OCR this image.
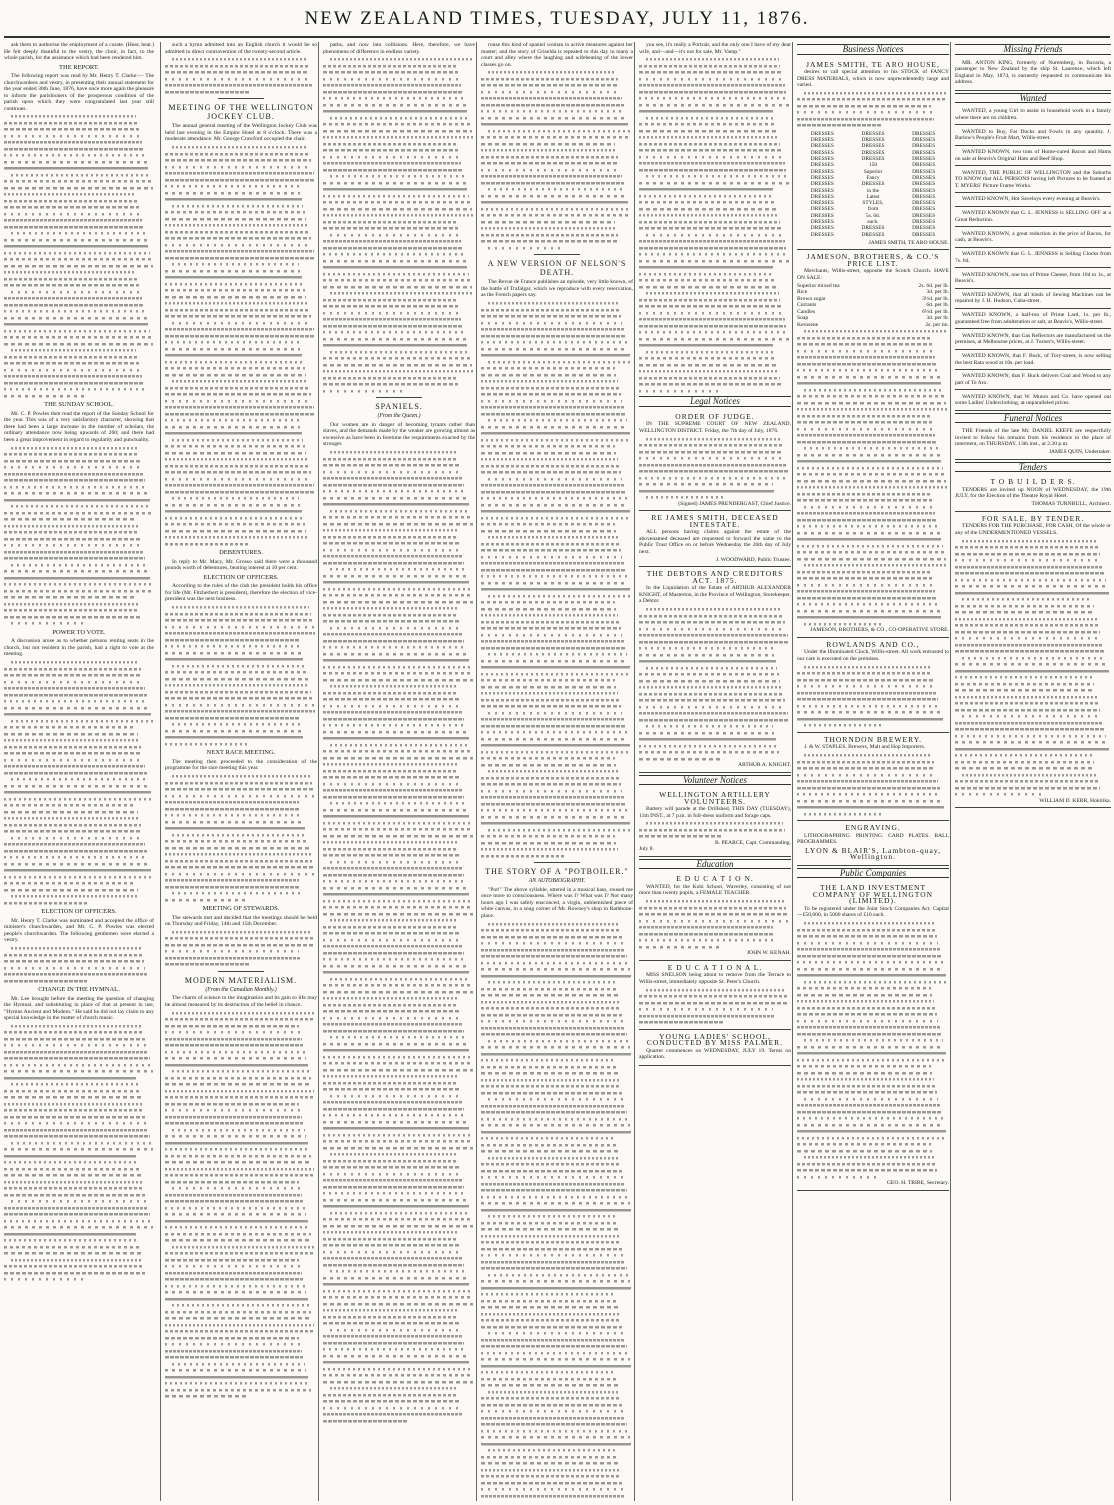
NEW ZEALAND TIMES, TUESDAY, JULY 11, 1876.

ask them to authorise the employment of a curate. (Hear, hear.) He felt deeply thankful to the vestry, the choir, in fact, to the whole parish, for the assistance which had been rendered him.

THE REPORT.

The following report was read by Mr. Henry T. Clarke:— The churchwardens and vestry, in presenting their annual statement for the year ended 30th June, 1876, have once more again the pleasure to inform the parishioners of the prosperous condition of the parish upon which they were congratulated last year still continues.

THE SUNDAY SCHOOL.

Mr. C. P. Powles then read the report of the Sunday School for the year. This was of a very satisfactory character, showing that there had been a large increase in the number of scholars, the ordinary attendance now being upwards of 260; and there had been a great improvement in regard to regularity and punctuality.

POWER TO VOTE.

A discussion arose as to whether persons renting seats in the church, but not resident in the parish, had a right to vote at the meeting.

ELECTION OF OFFICERS.

Mr. Henry T. Clarke was nominated and accepted the office of minister's churchwarden, and Mr. C. P. Powles was elected people's churchwarden. The following gentlemen were elected a vestry.

CHANGE IN THE HYMNAL.

Mr. Lee brought before the meeting the question of changing the Hymnal, and substituting in place of that at present in use, "Hymns Ancient and Modern." He said he did not lay claim to any special knowledge in the matter of church music.

such a hymn admitted into an English church it would be so admitted in direct contravention of the twenty-second article.

MEETING OF THE WELLINGTON JOCKEY CLUB.

The annual general meeting of the Wellington Jockey Club was held last evening in the Empire Hotel at 8 o'clock. There was a moderate attendance. Mr. George Crawford occupied the chair.

DEBENTURES.

In reply to Mr. Macy, Mr. Grosso said there were a thousand pounds worth of debentures, bearing interest at 10 per cent.

ELECTION OF OFFICERS.

According to the rules of the club the president holds his office for life (Mr. Fitzherbert is president), therefore the election of vice-president was the next business.

NEXT RACE MEETING.

The meeting then proceeded to the consideration of the programme for the race meeting this year.

MEETING OF STEWARDS.

The stewards met and decided that the meetings should be held on Thursday and Friday, 14th and 15th December.

MODERN MATERIALISM.
(From the Canadian Monthly.)

The charm of science to the imagination and its gain to life may be almost measured by its destruction of the belief in chance.

paths, and now into collisions. Here, therefore, we have phenomena of difference in endless variety.

SPANIELS.
(From the Queen.)

Our women are in danger of becoming tyrants rather than slaves, and the demands made by the weaker are growing almost as excessive as have been in foretime the requirements exacted by the stronger.

rouse this kind of spaniel woman to active measures against her master; and the story of Griselda is repeated to this day in many a court and alley where the laughing and wifebeating of the lower classes go on.

A NEW VERSION OF NELSON'S DEATH.

The Revue de France publishes an episode, very little known, of the battle of Trafalgar, which we reproduce with every reservation, as the French papers say.

THE STORY OF A "POTBOILER."
AN AUTOBIOGRAPHY.

"Pot!" The above syllable, uttered in a musical bass, roused me once more to consciousness. Where was I? What was I? Not many hours ago I was safely ensconced, a virgin, unblemished piece of white canvas, in a snug corner of Mr. Rowney's shop in Rathbone-place.

you see, it's really a Portrait, and the only one I have of my dear wife, and—and—it's not for sale, Mr. Vamp."

Legal Notices
ORDER OF JUDGE.

IN THE SUPREME COURT OF NEW ZEALAND, WELLINGTON DISTRICT. Friday, the 7th day of July, 1876.

(Signed) JAMES PRENDERGAST, Chief Justice.
RE JAMES SMITH, DECEASED INTESTATE.

ALL persons having claims against the estate of the abovenamed deceased are requested to forward the same to the Public Trust Office on or before Wednesday the 26th day of July next.

J. WOODWARD, Public Trustee.
THE DEBTORS AND CREDITORS ACT. 1875.

In the Liquidation of the Estate of ARTHUR ALEXANDER KNIGHT, of Masterton, in the Province of Wellington, Storekeeper, a Debtor.

ARTHUR A. KNIGHT.
Volunteer Notices
WELLINGTON ARTILLERY VOLUNTEERS.

Battery will parade at the Drillshed, THIS DAY (TUESDAY), 11th INST., at 7 p.m. in full-dress uniform and forage caps.

B. PEARCE, Capt. Commanding.
July 8.
Education
E D U C A T I O N.

WANTED, for the Kohi School, Waverley, consisting of not more than twenty pupils, a FEMALE TEACHER.

JOHN W. KENAH.
E D U C A T I O N A L.

MISS SNELSON being about to remove from the Terrace to Willis-street, immediately opposite St. Peter's Church.

YOUNG LADIES' SCHOOL, CONDUCTED BY MISS PALMER.

Quarter commences on WEDNESDAY, JULY 19. Terms on application.

Business Notices
JAMES SMITH, TE ARO HOUSE,

desires to call special attention to his STOCK of FANCY DRESS MATERIALS, which is now unprecedentedly large and varied.

DRESSES	DRESSES	DRESSES
DRESSES	DRESSES	DRESSES
DRESSES	DRESSES	DRESSES
DRESSES	DRESSES	DRESSES
DRESSES	DRESSES	DRESSES
DRESSES	150	DRESSES
DRESSES	Superior	DRESSES
DRESSES	Fancy	DRESSES
DRESSES	DRESSES	DRESSES
DRESSES	in the	DRESSES
DRESSES	Latest	DRESSES
DRESSES	STYLES,	DRESSES
DRESSES	from	DRESSES
DRESSES	5s. 6d.	DRESSES
DRESSES	each.	DRESSES
DRESSES	DRESSES	DRESSES
DRESSES	DRESSES	DRESSES
JAMES SMITH, TE ARO HOUSE.
JAMESON, BROTHERS, & CO.'S PRICE LIST.

Merchants, Willis-street, opposite the Scotch Church. HAVE ON SALE:

Superior mixed tea	2s. 6d. per lb.
Rice	3d. per lb.
Brown sugar	3½d. per lb.
Currants	6d. per lb.
Candles	6½d. per lb.
Soap	3d. per lb.
Kerosene	2s. per tin.
JAMESON, BROTHERS, & CO., CO-OPERATIVE STORE.
ROWLANDS AND CO.,

Under the Illuminated Clock, Willis-street. All work entrusted to our care is executed on the premises.

THORNDON BREWERY.

J. & W. STAPLES, Brewers, Malt and Hop Importers.

ENGRAVING.

LITHOGRAPHING. PRINTING. CARD PLATES. BALL PROGRAMMES.

LYON & BLAIR'S, Lambton-quay, Wellington.
Public Companies
THE LAND INVESTMENT COMPANY OF WELLINGTON (LIMITED).

To be registered under the Joint Stock Companies Act. Capital—£50,000, in 5000 shares of £10 each.

GEO. H. TRIBE, Secretary.
Missing Friends

MR. ANTON KING, formerly of Nuremberg, in Bavaria, a passenger to New Zealand by the ship St. Laurence, which left England in May, 1874, is earnestly requested to communicate his address.

Wanted

WANTED, a young Girl to assist in household work in a family where there are no children.

WANTED to Buy, Fat Ducks and Fowls in any quantity. J. Barlow's People's Fruit Mart, Willis-street.

WANTED KNOWN, two tons of Home-cured Bacon and Hams on sale at Beavis's Original Ham and Beef Shop.

WANTED, THE PUBLIC OF WELLINGTON and the Suburbs TO KNOW that ALL PERSONS having left Pictures to be framed at T. MYERS' Picture Frame Works.

WANTED KNOWN, Hot Saveloys every evening at Beavis's.

WANTED KNOWN that G. L. JENNESS is SELLING OFF at a Great Reduction.

WANTED KNOWN, a great reduction in the price of Bacon, for cash, at Beavis's.

WANTED KNOWN that G. L. JENNESS is Selling Clocks from 7s. 6d.

WANTED KNOWN, one ton of Prime Cheese, from 10d to 1s., at Beavis's.

WANTED KNOWN, that all kinds of Sewing Machines can be repaired by J. H. Hudson, Cuba-street.

WANTED KNOWN, a half-ton of Prime Lard, 1s. per lb., guaranteed free from adulteration or salt, at Beavis's, Willis-street.

WANTED KNOWN, that Gas Reflectors are manufactured on the premises, at Melbourne prices, at J. Turner's, Willis-street.

WANTED KNOWN, that F. Buck, of Tory-street, is now selling the best Rata wood at 10s. per load.

WANTED KNOWN, that F. Buck delivers Coal and Wood to any part of Te Aro.

WANTED KNOWN, that W. Munro and Co. have opened out some Ladies' Underclothing, at unparalleled prices.

Funeral Notices

THE Friends of the late Mr. DANIEL KEEFE are respectfully invited to follow his remains from his residence to the place of interment, on THURSDAY, 13th inst., at 2.30 p.m.

JAMES QUIN, Undertaker.
Tenders
T O B U I L D E R S.

TENDERS are invited up NOON of WEDNESDAY, the 19th JULY, for the Erection of the Theatre Royal Hotel.

THOMAS TURNBULL, Architect.
FOR SALE, BY TENDER.

TENDERS FOR THE PURCHASE, FOR CASH, Of the whole or any of the UNDERMENTIONED VESSELS.

WILLIAM D. KERR, Hokitika.
